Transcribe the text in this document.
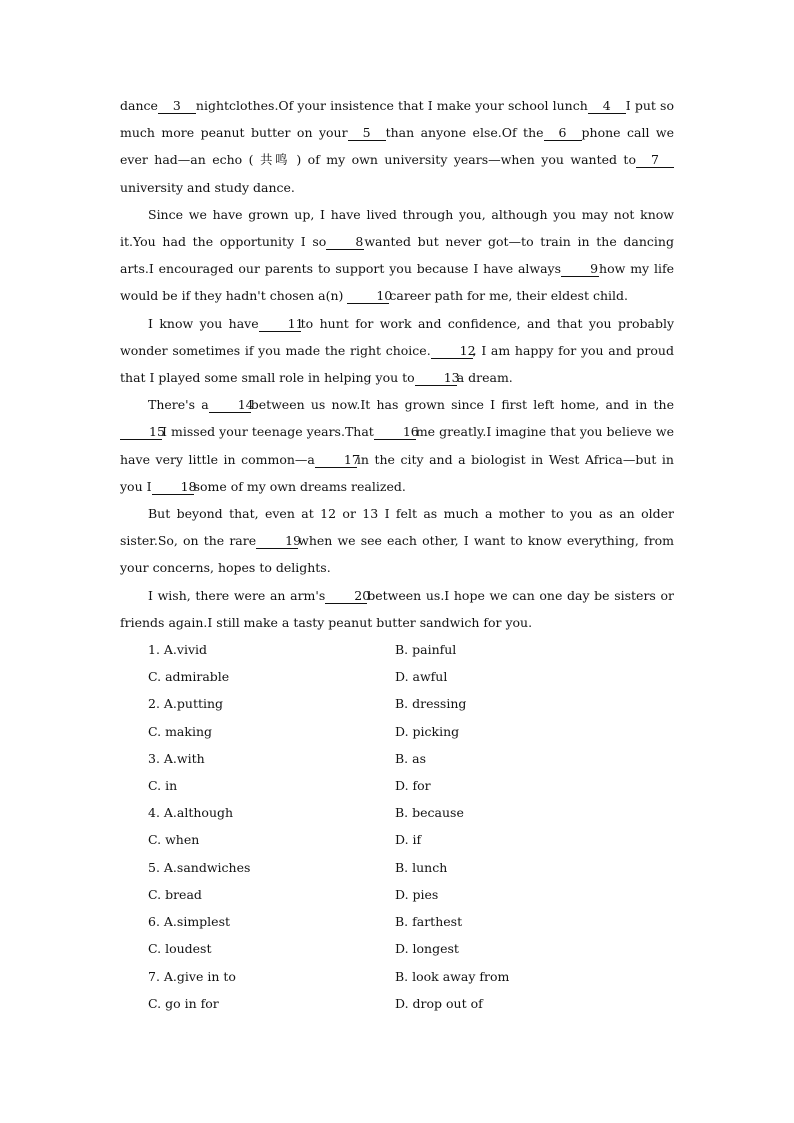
dance 3 nightclothes.Of your insistence that I make your school lunch 4 I put so much more peanut butter on your 5 than anyone else.Of the 6 phone call we ever had—an echo ( 共鸣 ) of my own university years—when you wanted to 7university and study dance.

Since we have grown up, I have lived through you, although you may not know it.You had the opportunity I so 8wanted but never got—to train in the dancing arts.I encouraged our parents to support you because I have always 9how my life would be if they hadn't chosen a(n) 10career path for me, their eldest child.

I know you have 11to hunt for work and confidence, and that you probably wonder sometimes if you made the right choice. 12, I am happy for you and proud that I played some small role in helping you to 13a dream.

There's a 14between us now.It has grown since I first left home, and in the15I missed your teenage years.That 16me greatly.I imagine that you believe we have very little in common—a 17in the city and a biologist in West Africa—but in you I 18some of my own dreams realized.

But beyond that, even at 12 or 13 I felt as much a mother to you as an older sister.So, on the rare 19when we see each other, I want to know everything, from your concerns, hopes to delights.

I wish, there were an arm's 20between us.I hope we can one day be sisters or friends again.I still make a tasty peanut butter sandwich for you.

1. A.vivid	B. painful
C. admirable	D. awful
2. A.putting	B. dressing
C. making	D. picking
3. A.with	B. as
C. in	D. for
4. A.although	B. because
C. when	D. if
5. A.sandwiches	B. lunch
C. bread	D. pies
6. A.simplest	B. farthest
C. loudest	D. longest
7. A.give in to	B. look away from
C. go in for	D. drop out of
